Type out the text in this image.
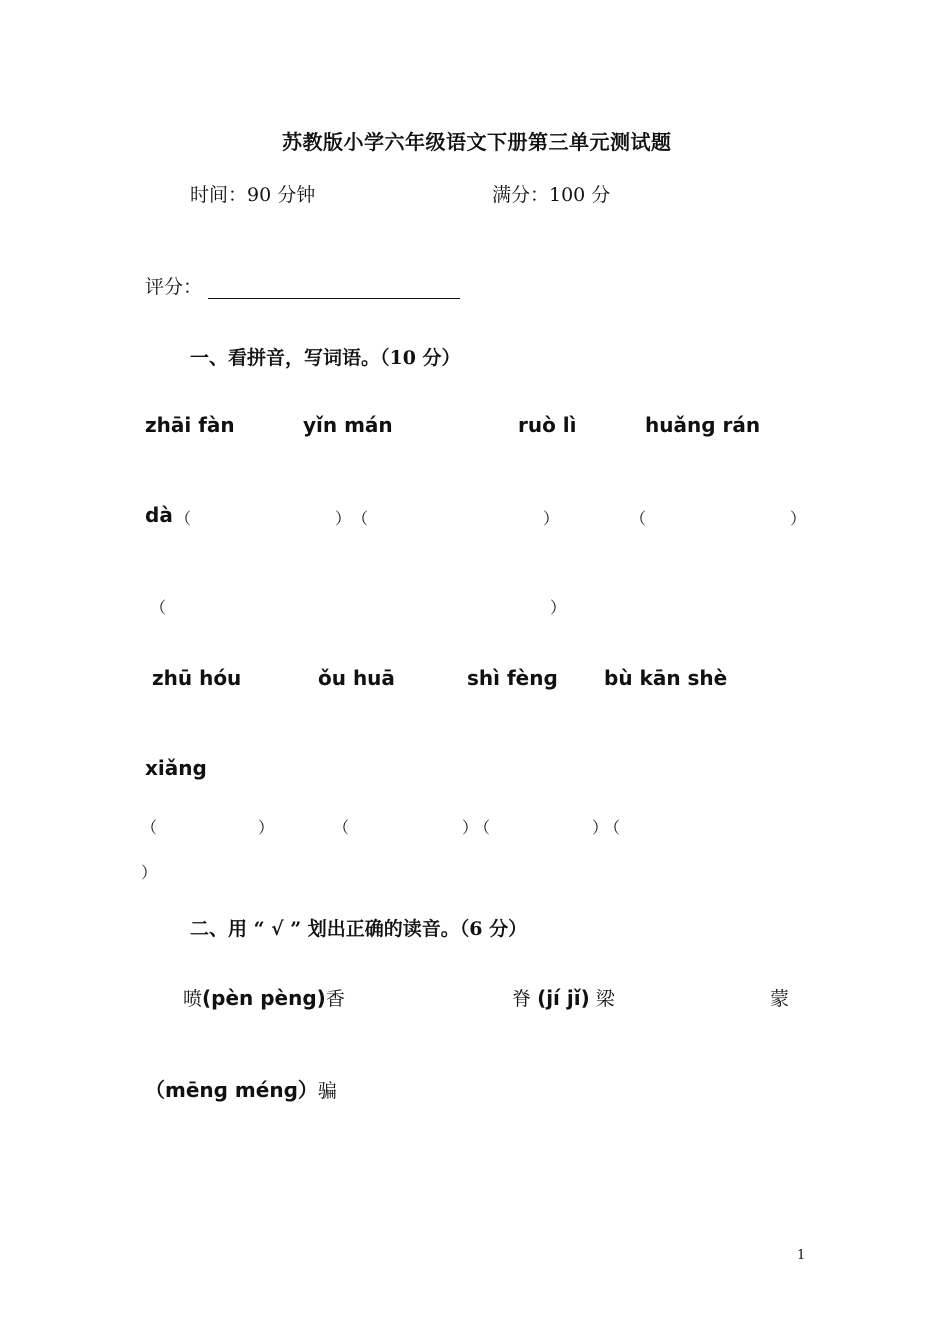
苏教版小学六年级语文下册第三单元测试题
时间：90 分钟	满分：100 分
评分：
一、看拼音，写词语。（10 分）
zhāi fàn	yǐn mán	ruò lì	huǎnɡ rán
dà （	） （	）	（	）
（	）
zhū hóu	ǒu huā	shì fènɡ bù kān shè
xiǎng
（	）	（	）
（	）
（
）
二、用 “ √ ” 划出正确的读音。（6 分）
喷(pèn pèng)香	脊 (jí jǐ) 梁	蒙
（mēnɡ ménɡ）骗
1
